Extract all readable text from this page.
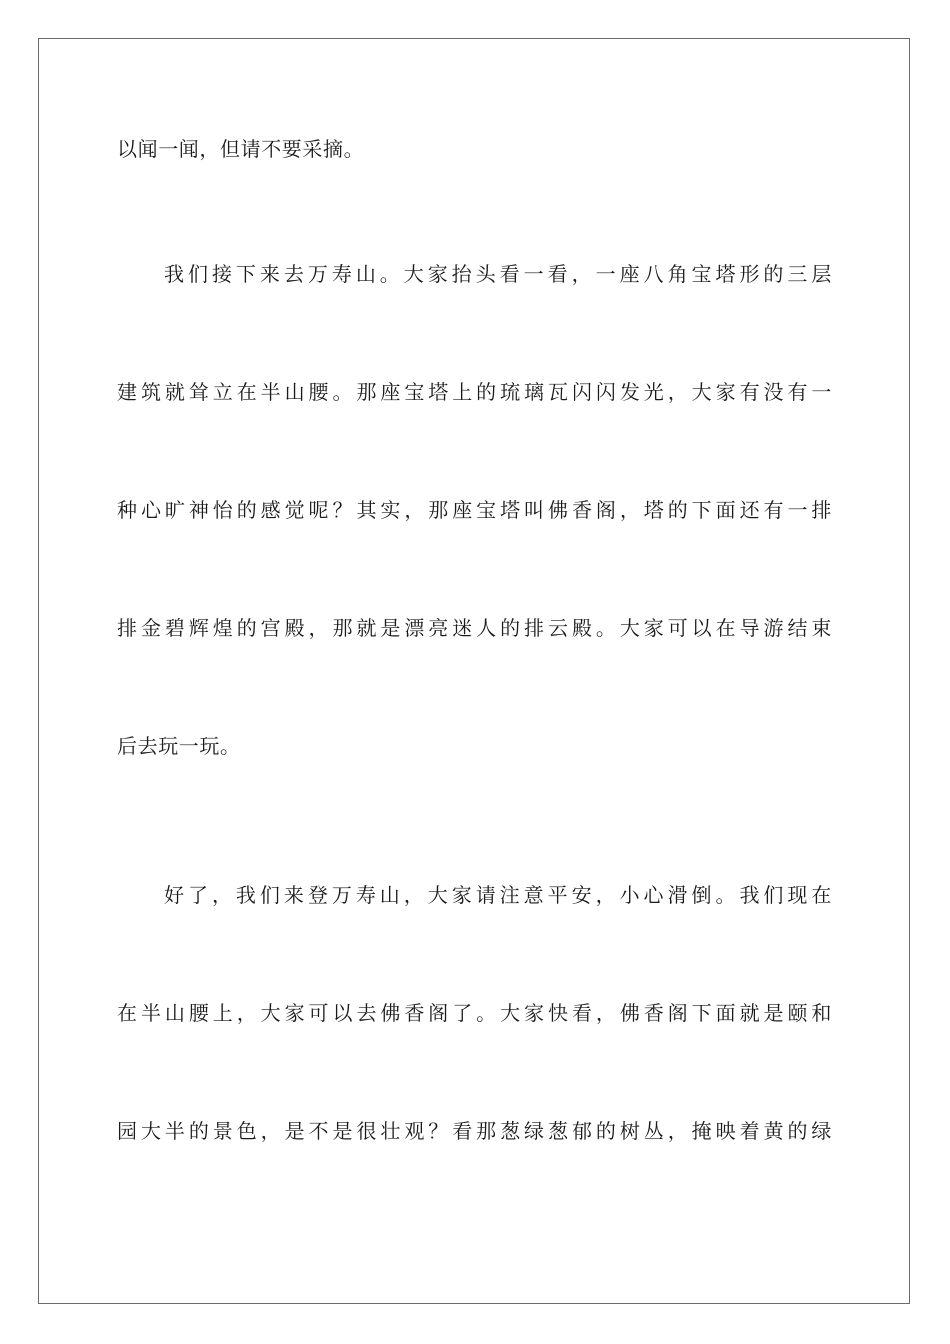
以闻一闻，但请不要采摘。
我们接下来去万寿山。大家抬头看一看，一座八角宝塔形的三层
建筑就耸立在半山腰。那座宝塔上的琉璃瓦闪闪发光，大家有没有一
种心旷神怡的感觉呢？其实，那座宝塔叫佛香阁，塔的下面还有一排
排金碧辉煌的宫殿，那就是漂亮迷人的排云殿。大家可以在导游结束
后去玩一玩。
好了，我们来登万寿山，大家请注意平安，小心滑倒。我们现在
在半山腰上，大家可以去佛香阁了。大家快看，佛香阁下面就是颐和
园大半的景色，是不是很壮观？看那葱绿葱郁的树丛，掩映着黄的绿
